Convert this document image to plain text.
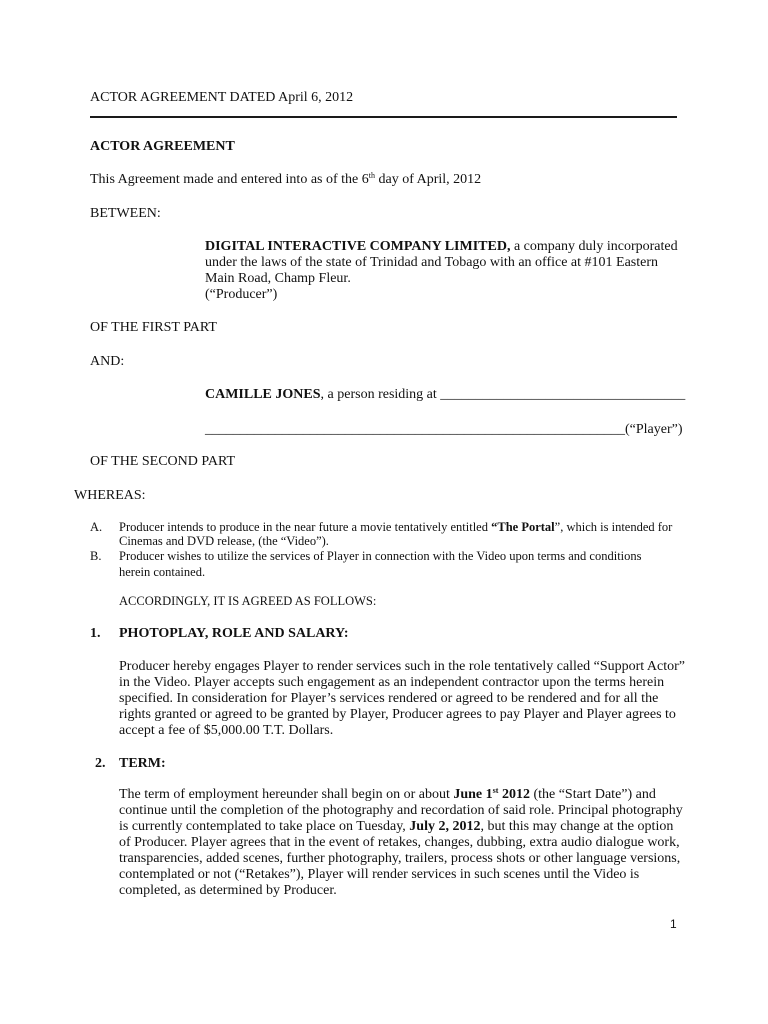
ACTOR AGREEMENT DATED April 6, 2012

ACTOR AGREEMENT

This Agreement made and entered into as of the 6th day of April, 2012

BETWEEN:

DIGITAL INTERACTIVE COMPANY LIMITED, a company duly incorporated
under the laws of the state of Trinidad and Tobago with an office at #101 Eastern
Main Road, Champ Fleur.
(“Producer”)

OF THE FIRST PART

AND:

CAMILLE JONES, a person residing at ___________________________________

____________________________________________________________(“Player”)

OF THE SECOND PART

WHEREAS:

A. Producer intends to produce in the near future a movie tentatively entitled “The Portal”, which is intended for
Cinemas and DVD release, (the “Video”).
B. Producer wishes to utilize the services of Player in connection with the Video upon terms and conditions
herein contained.

ACCORDINGLY, IT IS AGREED AS FOLLOWS:

1. PHOTOPLAY, ROLE AND SALARY:

Producer hereby engages Player to render services such in the role tentatively called “Support Actor”
in the Video. Player accepts such engagement as an independent contractor upon the terms herein
specified. In consideration for Player’s services rendered or agreed to be rendered and for all the
rights granted or agreed to be granted by Player, Producer agrees to pay Player and Player agrees to
accept a fee of $5,000.00 T.T. Dollars.

2. TERM:

The term of employment hereunder shall begin on or about June 1st 2012 (the “Start Date”) and
continue until the completion of the photography and recordation of said role. Principal photography
is currently contemplated to take place on Tuesday, July 2, 2012, but this may change at the option
of Producer. Player agrees that in the event of retakes, changes, dubbing, extra audio dialogue work,
transparencies, added scenes, further photography, trailers, process shots or other language versions,
contemplated or not (“Retakes”), Player will render services in such scenes until the Video is
completed, as determined by Producer.

1
